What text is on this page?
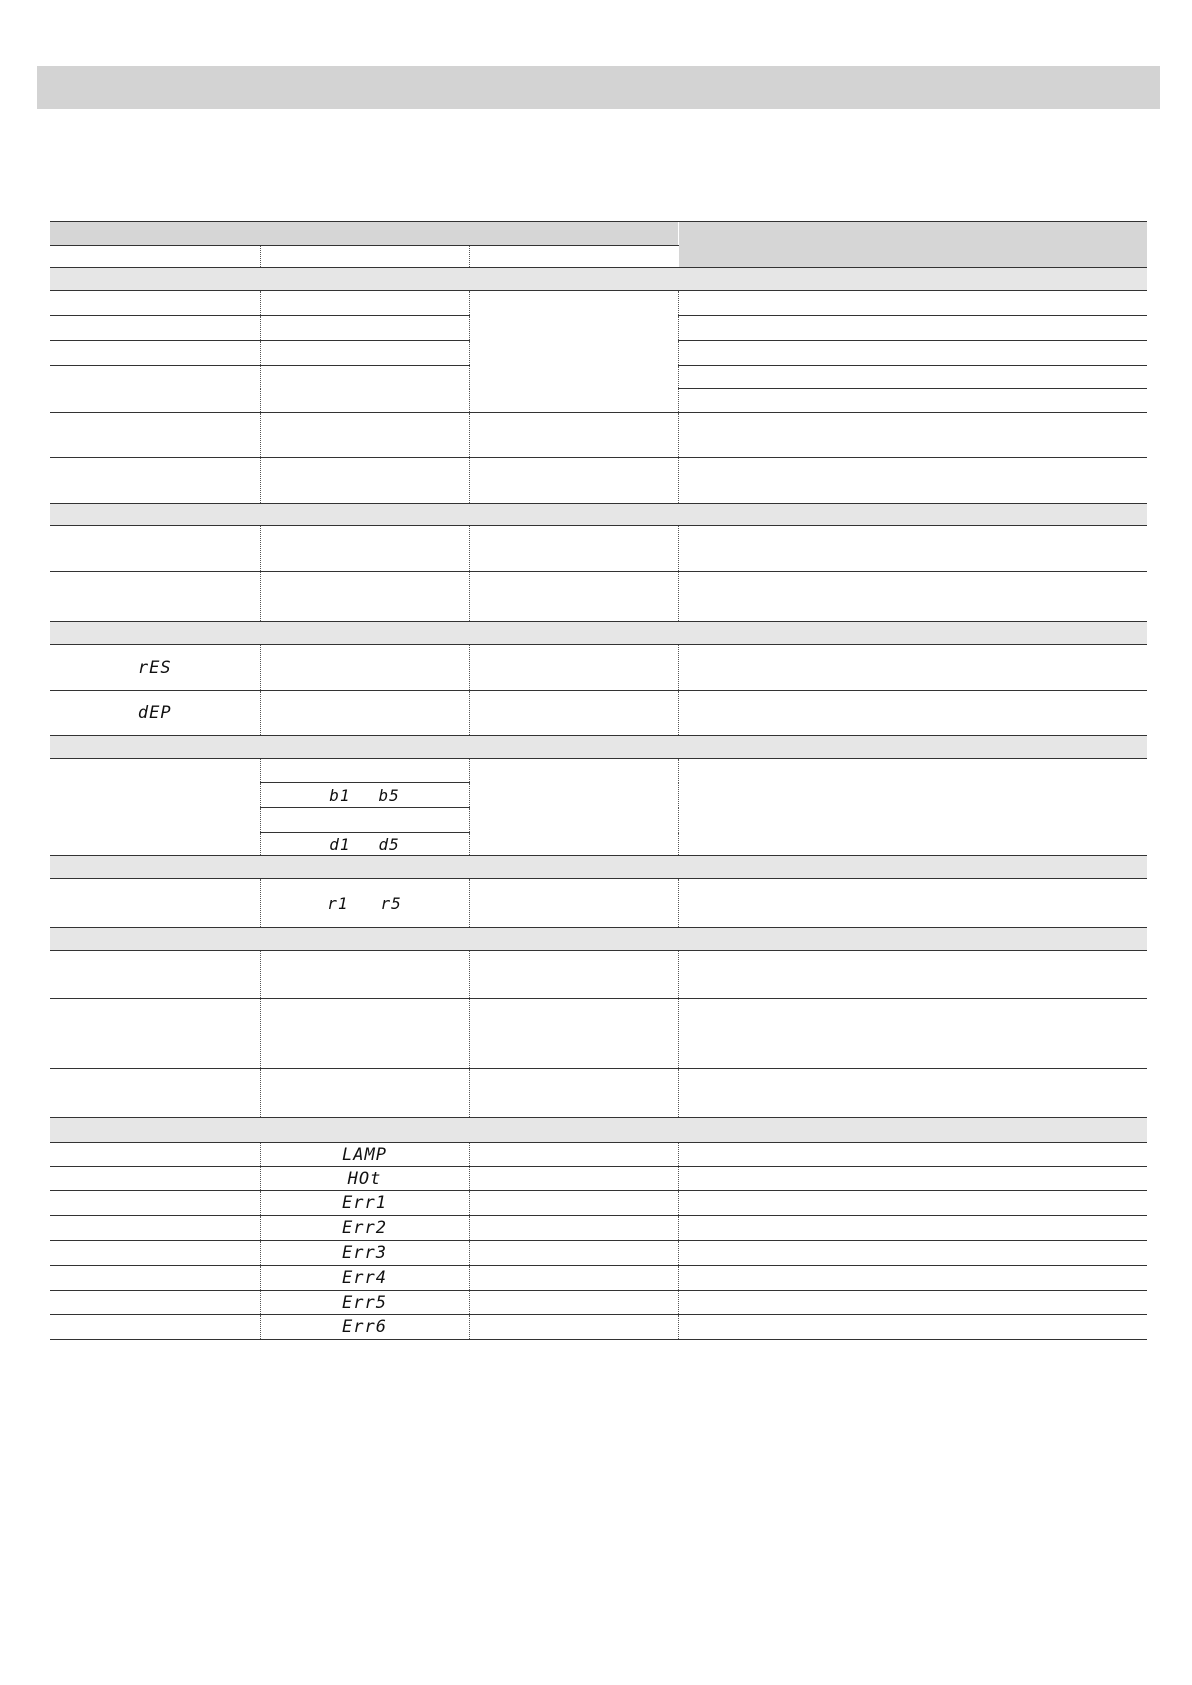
rES			

dEP			

	b1 b5		

	d1 d5		

	r1 r5		

	LAMP		

	HOt		

	Err1		

	Err2		

	Err3		

	Err4		

	Err5		

	Err6		
